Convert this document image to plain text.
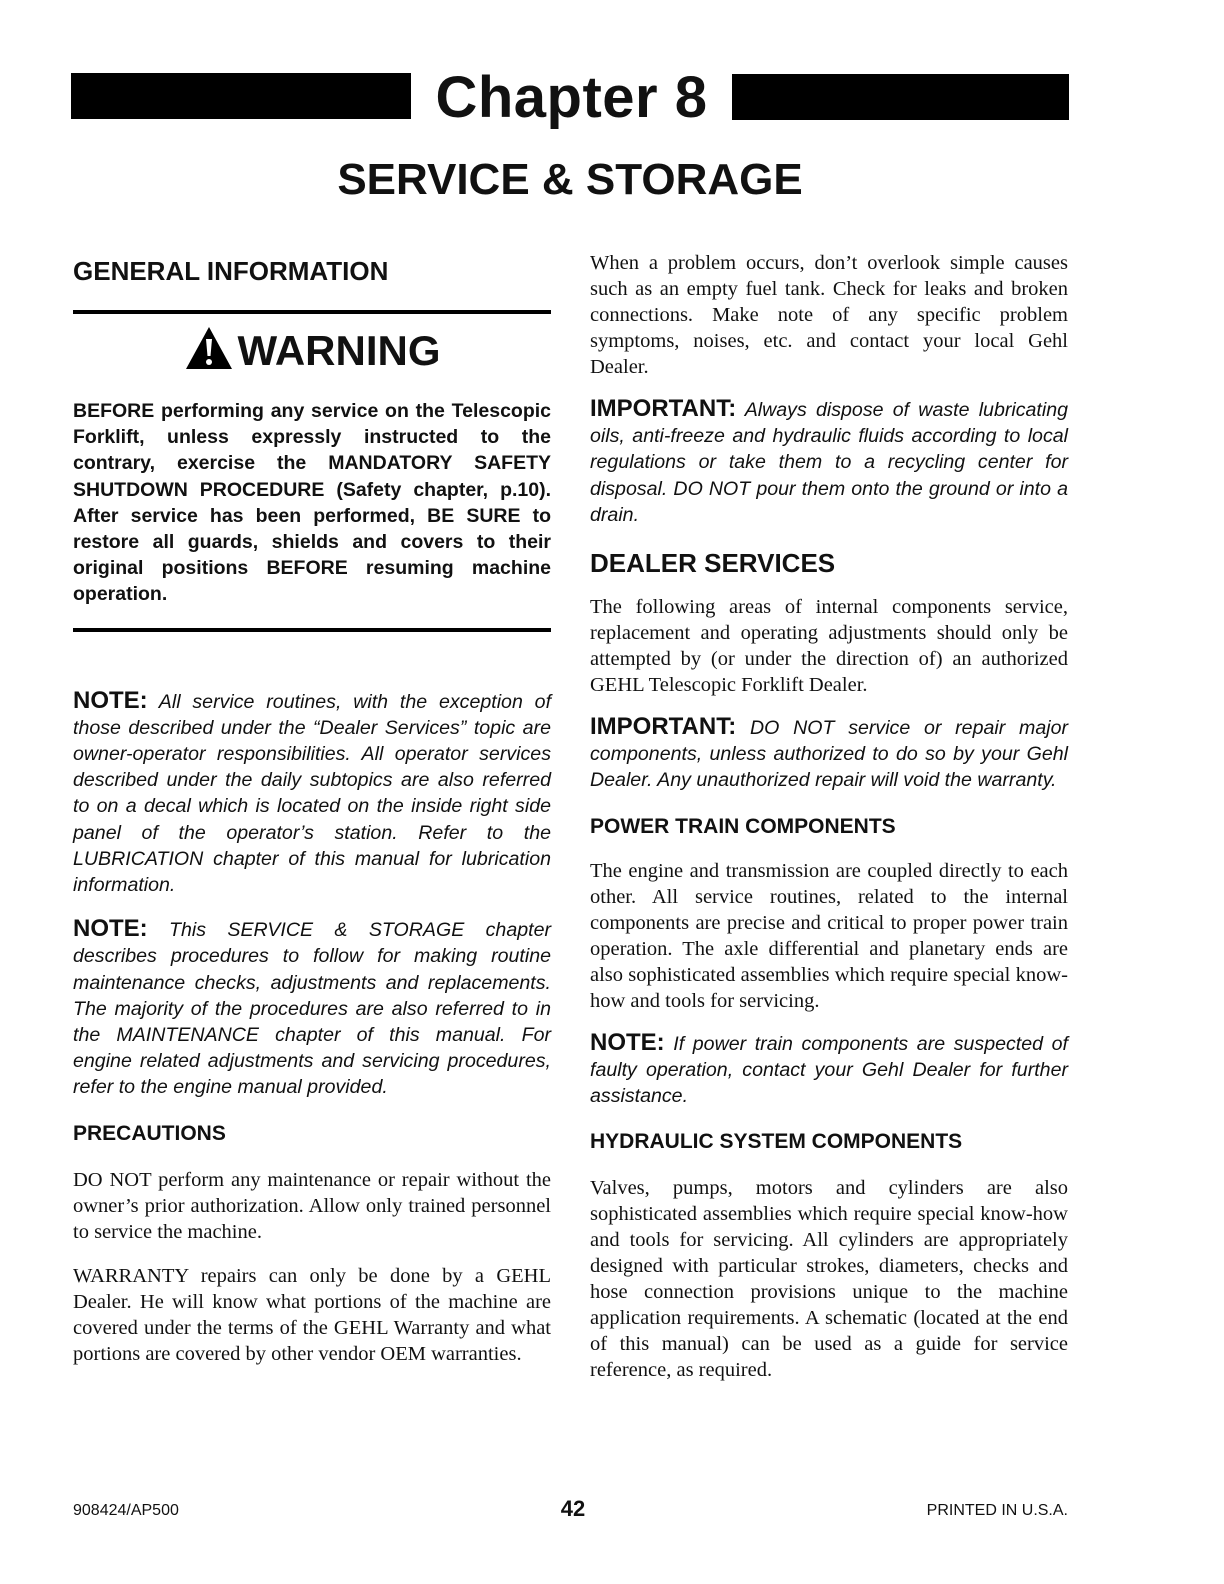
Chapter 8
SERVICE & STORAGE
GENERAL INFORMATION
WARNING

BEFORE performing any service on the Telescopic Forklift, unless expressly instructed to the contrary, exercise the MANDATORY SAFETY SHUTDOWN PROCEDURE (Safety chapter, p.10). After service has been performed, BE SURE to restore all guards, shields and covers to their original positions BEFORE resuming machine operation.

NOTE: All service routines, with the exception of those described under the “Dealer Services” topic are owner-operator responsibilities. All operator services described under the daily subtopics are also referred to on a decal which is located on the inside right side panel of the operator’s station. Refer to the LUBRICATION chapter of this manual for lubrication information.

NOTE: This SERVICE & STORAGE chapter describes procedures to follow for making routine maintenance checks, adjustments and replacements. The majority of the procedures are also referred to in the MAINTENANCE chapter of this manual. For engine related adjustments and servicing procedures, refer to the engine manual provided.

PRECAUTIONS

DO NOT perform any maintenance or repair without the owner’s prior authorization. Allow only trained personnel to service the machine.

WARRANTY repairs can only be done by a GEHL Dealer. He will know what portions of the machine are covered under the terms of the GEHL Warranty and what portions are covered by other vendor OEM warranties.

When a problem occurs, don’t overlook simple causes such as an empty fuel tank. Check for leaks and broken connections. Make note of any specific problem symptoms, noises, etc. and contact your local Gehl Dealer.

IMPORTANT: Always dispose of waste lubricating oils, anti-freeze and hydraulic fluids according to local regulations or take them to a recycling center for disposal. DO NOT pour them onto the ground or into a drain.

DEALER SERVICES

The following areas of internal components service, replacement and operating adjustments should only be attempted by (or under the direction of) an authorized GEHL Telescopic Forklift Dealer.

IMPORTANT: DO NOT service or repair major components, unless authorized to do so by your Gehl Dealer. Any unauthorized repair will void the warranty.

POWER TRAIN COMPONENTS

The engine and transmission are coupled directly to each other. All service routines, related to the internal components are precise and critical to proper power train operation. The axle differential and planetary ends are also sophisticated assemblies which require special know-how and tools for servicing.

NOTE: If power train components are suspected of faulty operation, contact your Gehl Dealer for further assistance.

HYDRAULIC SYSTEM COMPONENTS

Valves, pumps, motors and cylinders are also sophisticated assemblies which require special know-how and tools for servicing. All cylinders are appropriately designed with particular strokes, diameters, checks and hose connection provisions unique to the machine application requirements. A schematic (located at the end of this manual) can be used as a guide for service reference, as required.

908424/AP500	42	PRINTED IN U.S.A.
